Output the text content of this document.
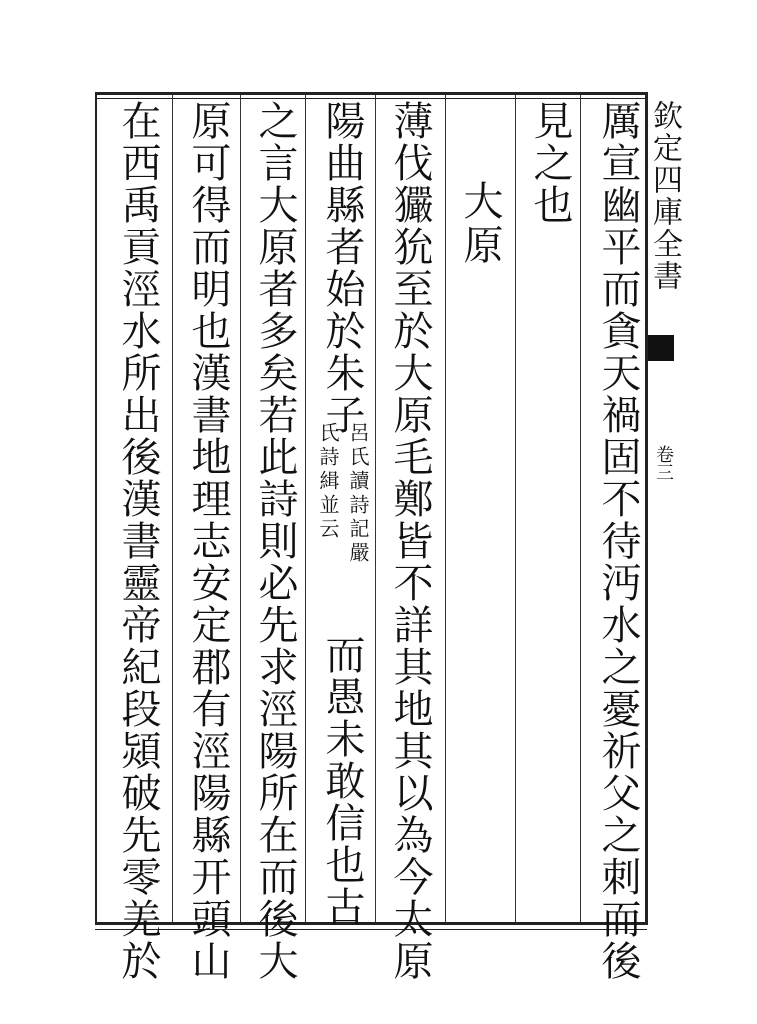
欽定四庫全書
卷三
厲宣幽平而貪天禍固不待沔水之憂祈父之刺而後
見之也
大原
薄伐玁狁至於大原毛鄭皆不詳其地其以為今太原
陽曲縣者始於朱子
呂氏讀詩記嚴
氏詩緝並云
而愚未敢信也古
之言大原者多矣若此詩則必先求涇陽所在而後大
原可得而明也漢書地理志安定郡有涇陽縣开頭山
在西禹貢涇水所出後漢書靈帝紀段熲破先零羌於
